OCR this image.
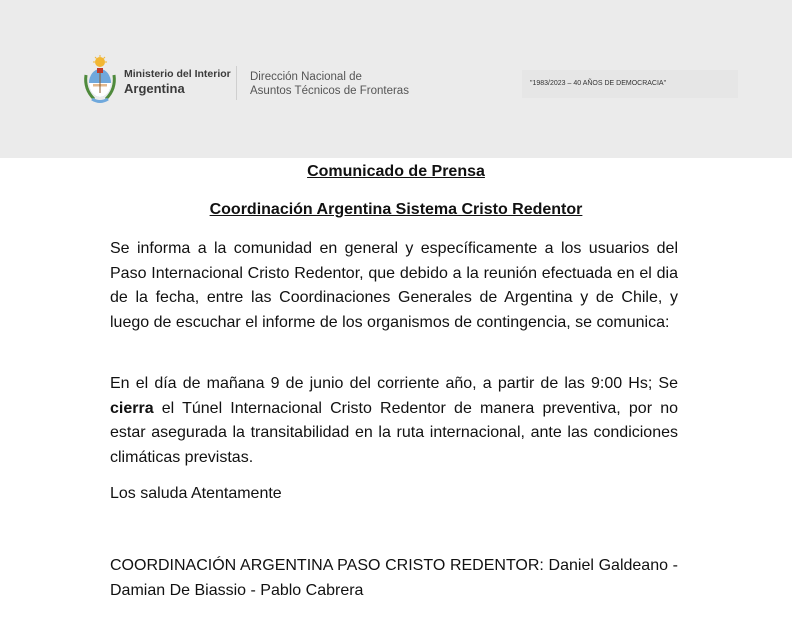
Ministerio del Interior
Argentina
Dirección Nacional de
Asuntos Técnicos de Fronteras
"1983/2023 – 40 AÑOS DE DEMOCRACIA"
Comunicado de Prensa
Coordinación Argentina Sistema Cristo Redentor
Se informa a la comunidad en general y específicamente a los usuarios del Paso Internacional Cristo Redentor, que debido a la reunión efectuada en el dia de la fecha, entre las Coordinaciones Generales de Argentina y de Chile, y luego de escuchar el informe de los organismos de contingencia, se comunica:
En el día de mañana 9 de junio del corriente año, a partir de las 9:00 Hs; Se cierra el Túnel Internacional Cristo Redentor de manera preventiva, por no estar asegurada la transitabilidad en la ruta internacional, ante las condiciones climáticas previstas.
Los saluda Atentamente
COORDINACIÓN ARGENTINA PASO CRISTO REDENTOR: Daniel Galdeano - Damian De Biassio - Pablo Cabrera
